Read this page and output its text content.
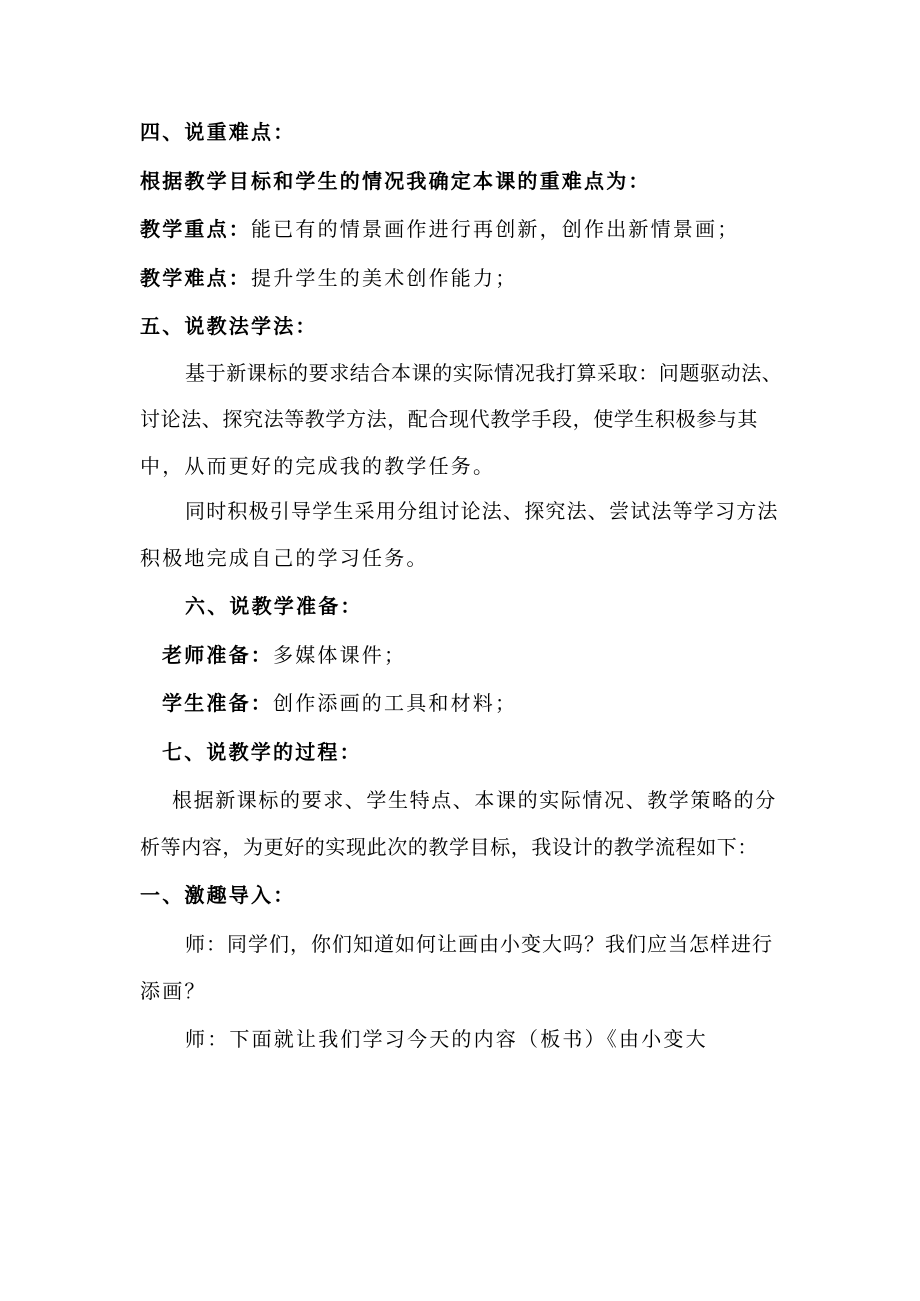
四、说重难点：
根据教学目标和学生的情况我确定本课的重难点为：
教学重点：能已有的情景画作进行再创新，创作出新情景画；
教学难点：提升学生的美术创作能力；
五、说教法学法：
基于新课标的要求结合本课的实际情况我打算采取：问题驱动法、
讨论法、探究法等教学方法，配合现代教学手段，使学生积极参与其
中，从而更好的完成我的教学任务。
同时积极引导学生采用分组讨论法、探究法、尝试法等学习方法
积极地完成自己的学习任务。
六、说教学准备：
老师准备：多媒体课件；
学生准备：创作添画的工具和材料；
七、说教学的过程：
根据新课标的要求、学生特点、本课的实际情况、教学策略的分
析等内容，为更好的实现此次的教学目标，我设计的教学流程如下：
一、激趣导入：
师：同学们，你们知道如何让画由小变大吗？我们应当怎样进行
添画？
师：下面就让我们学习今天的内容（板书）《由小变大
